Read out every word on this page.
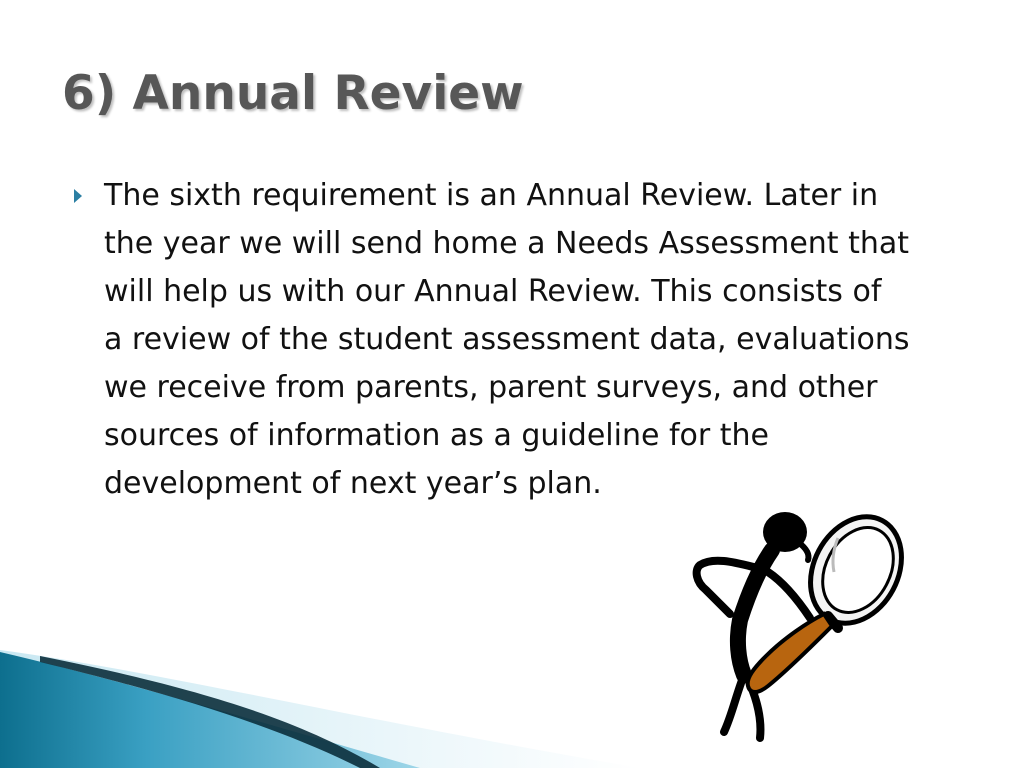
6) Annual Review

The sixth requirement is an Annual Review. Later in
the year we will send home a Needs Assessment that
will help us with our Annual Review. This consists of
a review of the student assessment data, evaluations
we receive from parents, parent surveys, and other
sources of information as a guideline for the
development of next year’s plan.
